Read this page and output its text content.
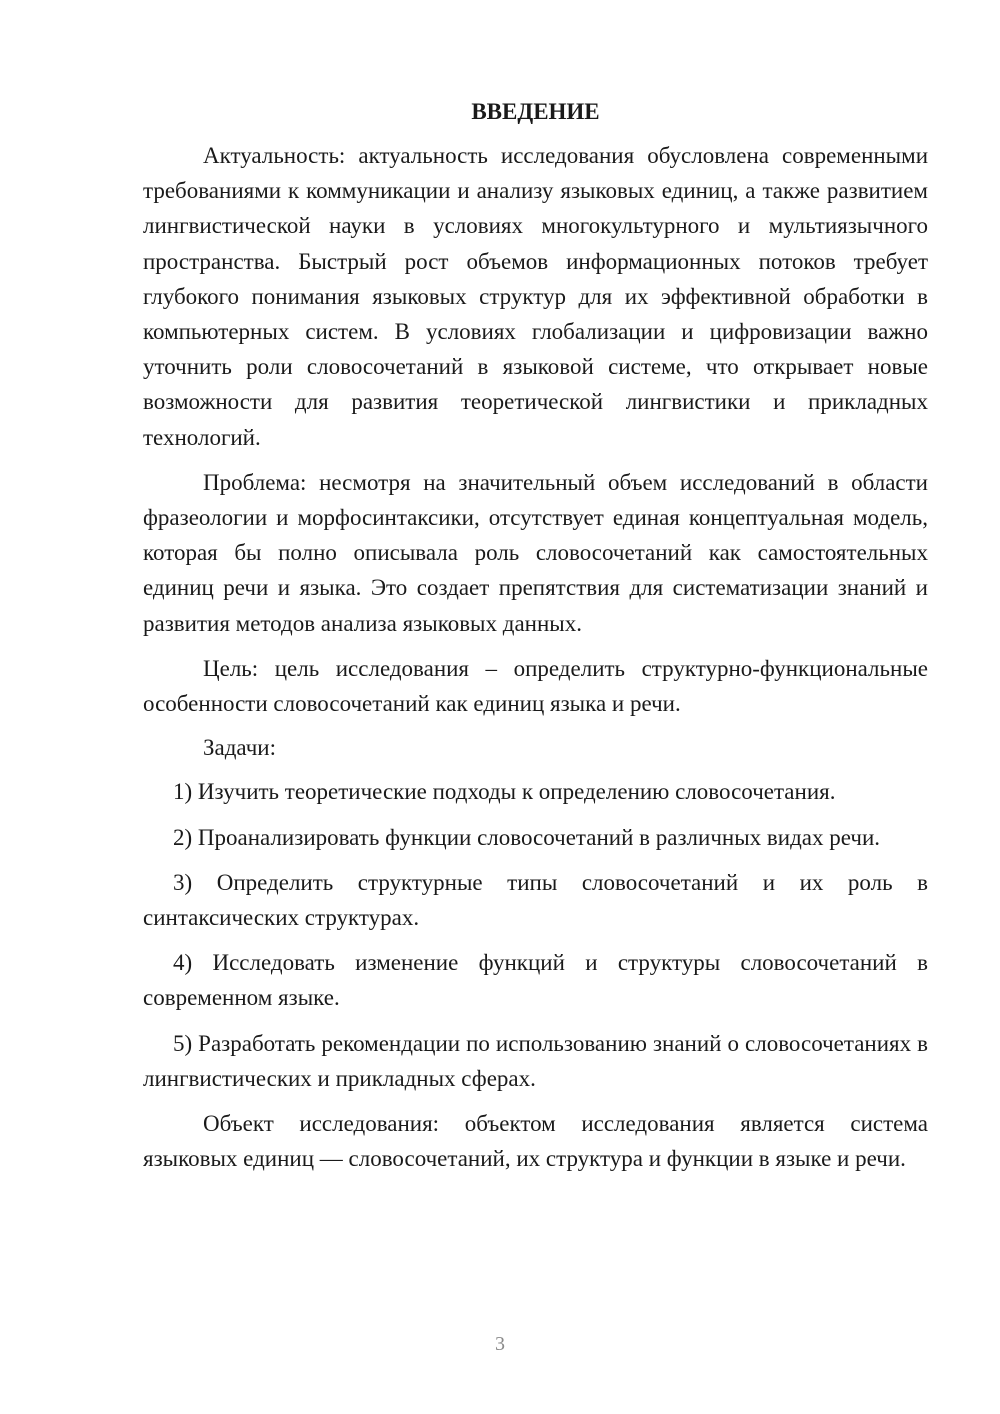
ВВЕДЕНИЕ

Актуальность: актуальность исследования обусловлена современными требованиями к коммуникации и анализу языковых единиц, а также развитием лингвистической науки в условиях многокультурного и мультиязычного пространства. Быстрый рост объемов информационных потоков требует глубокого понимания языковых структур для их эффективной обработки в компьютерных систем. В условиях глобализации и цифровизации важно уточнить роли словосочетаний в языковой системе, что открывает новые возможности для развития теоретической лингвистики и прикладных технологий.

Проблема: несмотря на значительный объем исследований в области фразеологии и морфосинтаксики, отсутствует единая концептуальная модель, которая бы полно описывала роль словосочетаний как самостоятельных единиц речи и языка. Это создает препятствия для систематизации знаний и развития методов анализа языковых данных.

Цель: цель исследования – определить структурно-функциональные особенности словосочетаний как единиц языка и речи.

Задачи:

1) Изучить теоретические подходы к определению словосочетания.

2) Проанализировать функции словосочетаний в различных видах речи.

3) Определить структурные типы словосочетаний и их роль в синтаксических структурах.

4) Исследовать изменение функций и структуры словосочетаний в современном языке.

5) Разработать рекомендации по использованию знаний о словосочетаниях в лингвистических и прикладных сферах.

Объект исследования: объектом исследования является система языковых единиц — словосочетаний, их структура и функции в языке и речи.

3
